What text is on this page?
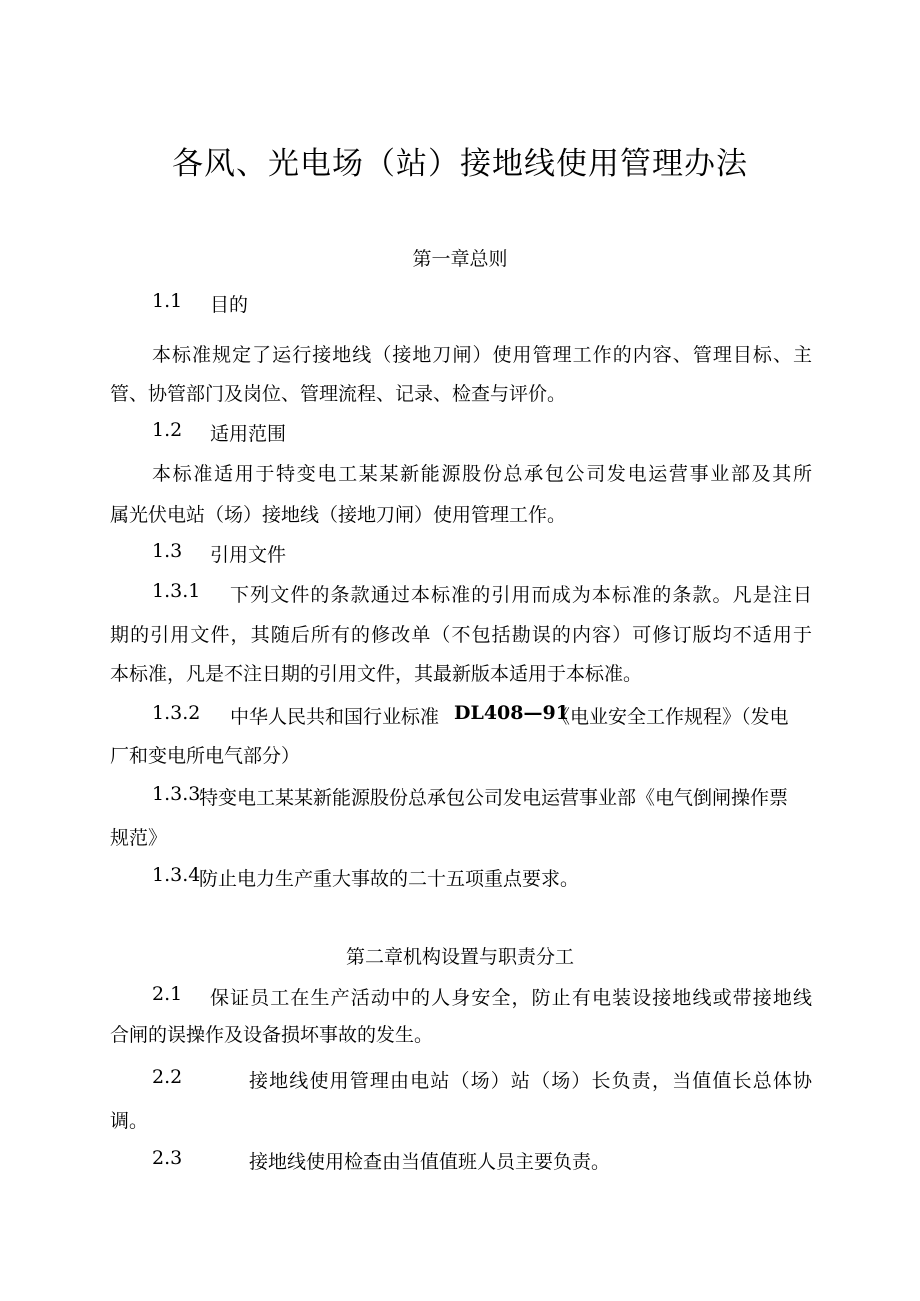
各风、光电场（站）接地线使用管理办法
第一章总则
1.1 目的
本标准规定了运行接地线（接地刀闸）使用管理工作的内容、管理目标、主
管、协管部门及岗位、管理流程、记录、检查与评价。
1.2 适用范围
本标准适用于特变电工某某新能源股份总承包公司发电运营事业部及其所
属光伏电站（场）接地线（接地刀闸）使用管理工作。
1.3 引用文件
1.3.1 下列文件的条款通过本标准的引用而成为本标准的条款。凡是注日
期的引用文件，其随后所有的修改单（不包括勘误的内容）可修订版均不适用于
本标准，凡是不注日期的引用文件，其最新版本适用于本标准。
1.3.2 中华人民共和国行业标准 DL408—91
《电业安全工作规程》（发电
厂和变电所电气部分）
1.3.3
特变电工某某新能源股份总承包公司发电运营事业部《电气倒闸操作票
规范》
1.3.4
防止电力生产重大事故的二十五项重点要求。
第二章机构设置与职责分工
2.1 保证员工在生产活动中的人身安全，防止有电装设接地线或带接地线
合闸的误操作及设备损坏事故的发生。
2.2	接地线使用管理由电站（场）站（场）长负责，当值值长总体协
调。
2.3	接地线使用检查由当值值班人员主要负责。
